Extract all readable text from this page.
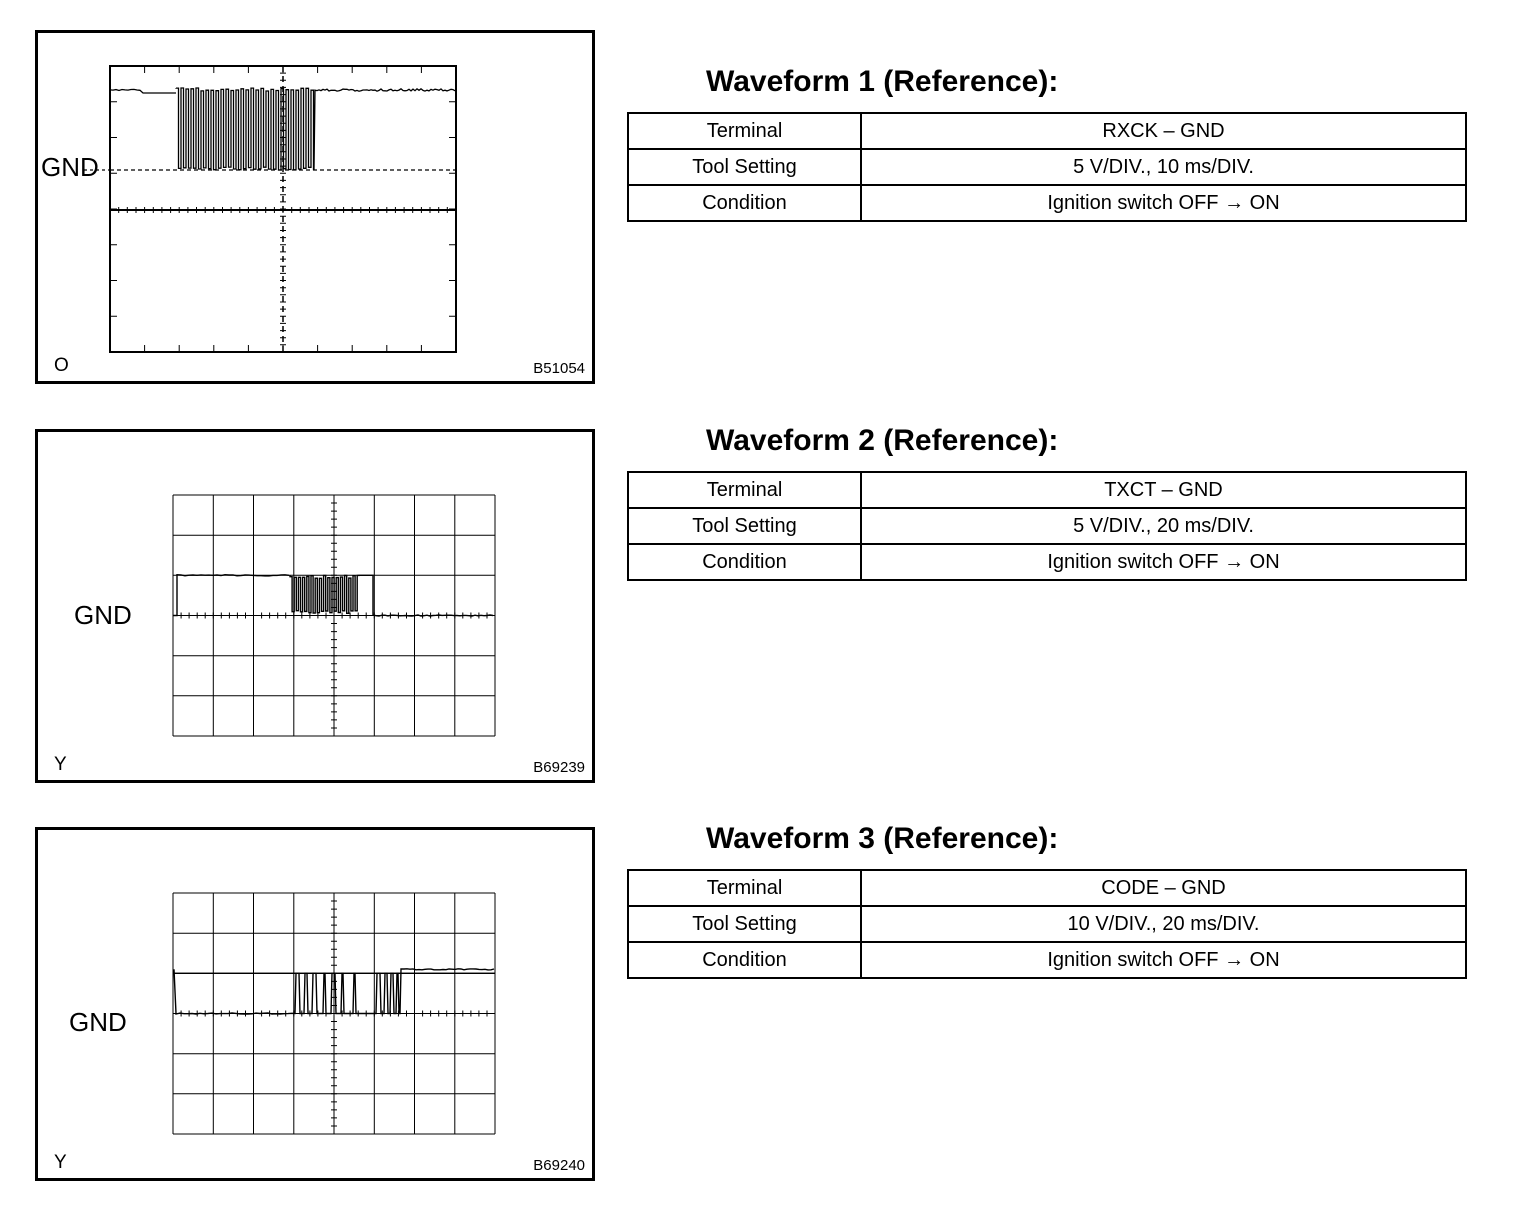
GND
O	B51054
Waveform 1 (Reference):
Terminal	RXCK – GND
Tool Setting	5 V/DIV., 10 ms/DIV.
Condition	Ignition switch OFF → ON
GND
Y	B69239
Waveform 2 (Reference):
Terminal	TXCT – GND
Tool Setting	5 V/DIV., 20 ms/DIV.
Condition	Ignition switch OFF → ON
GND
Y	B69240
Waveform 3 (Reference):
Terminal	CODE – GND
Tool Setting	10 V/DIV., 20 ms/DIV.
Condition	Ignition switch OFF → ON
